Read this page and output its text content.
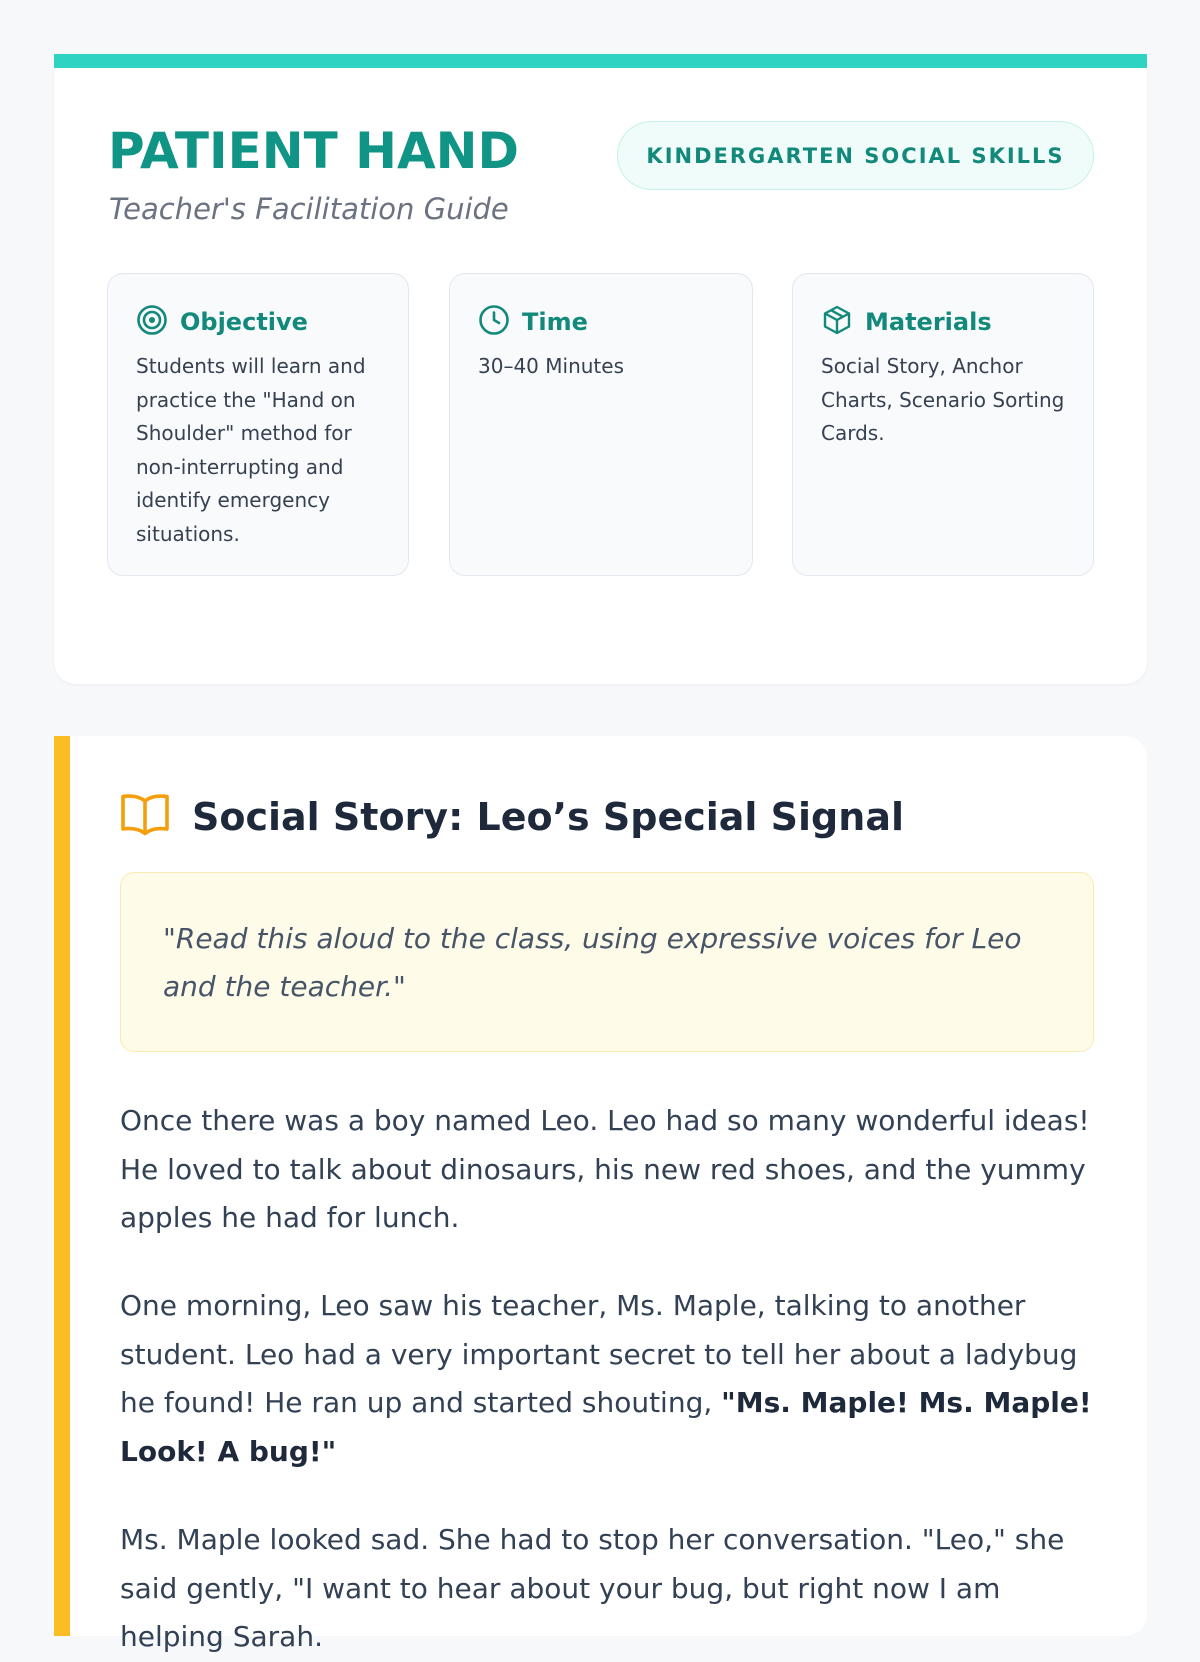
PATIENT HAND
Teacher's Facilitation Guide
KINDERGARTEN SOCIAL SKILLS
Objective

Students will learn and practice the "Hand on Shoulder" method for non-interrupting and identify emergency situations.

Time

30–40 Minutes

Materials

Social Story, Anchor Charts, Scenario Sorting Cards.

Social Story: Leo’s Special Signal
"Read this aloud to the class, using expressive voices for Leo and the teacher."

Once there was a boy named Leo. Leo had so many wonderful ideas! He loved to talk about dinosaurs, his new red shoes, and the yummy apples he had for lunch.

One morning, Leo saw his teacher, Ms. Maple, talking to another student. Leo had a very important secret to tell her about a ladybug he found! He ran up and started shouting, "Ms. Maple! Ms. Maple! Look! A bug!"

Ms. Maple looked sad. She had to stop her conversation. "Leo," she said gently, "I want to hear about your bug, but right now I am helping Sarah.
